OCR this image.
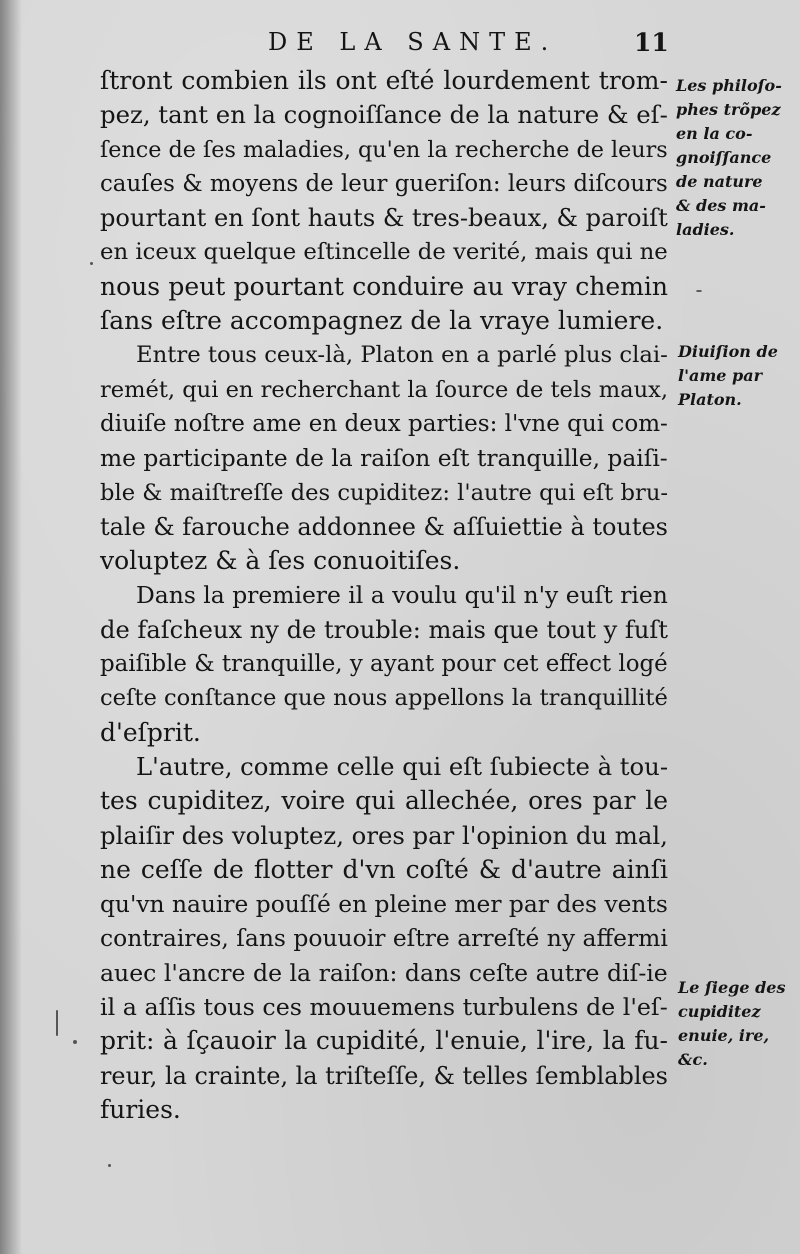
DE LA SANTE.	11
ſtront combien ils ont eſté lourdement trom-
pez, tant en la cognoiſſance de la nature & eſ-
ſence de ſes maladies, qu'en la recherche de leurs
cauſes & moyens de leur gueriſon: leurs diſcours
pourtant en ſont hauts & tres-beaux, & paroiſt
en iceux quelque eſtincelle de verité, mais qui ne
nous peut pourtant conduire au vray chemin
ſans eſtre accompagnez de la vraye lumiere.
Entre tous ceux-là, Platon en a parlé plus clai-
remét, qui en recherchant la ſource de tels maux,
diuiſe noſtre ame en deux parties: l'vne qui com-
me participante de la raiſon eſt tranquille, paiſi-
ble & maiſtreſſe des cupiditez: l'autre qui eſt bru-
tale & farouche addonnee & aſſuiettie à toutes
voluptez & à ſes conuoitiſes.
Dans la premiere il a voulu qu'il n'y euſt rien
de faſcheux ny de trouble: mais que tout y fuſt
paiſible & tranquille, y ayant pour cet effect logé
ceſte conſtance que nous appellons la tranquillité
d'eſprit.
L'autre, comme celle qui eſt ſubiecte à tou-
tes cupiditez, voire qui allechée, ores par le
plaiſir des voluptez, ores par l'opinion du mal,
ne ceſſe de flotter d'vn coſté & d'autre ainſi
qu'vn nauire pouſſé en pleine mer par des vents
contraires, ſans pouuoir eſtre arreſté ny affermi
auec l'ancre de la raiſon: dans ceſte autre diſ-ie
il a aſſis tous ces mouuemens turbulens de l'eſ-
prit: à ſçauoir la cupidité, l'enuie, l'ire, la fu-
reur, la crainte, la triſteſſe, & telles ſemblables
furies.
Les philoſo-
phes trõpez
en la co-
gnoiſſance
de nature
& des ma-
ladies.
Diuiſion de
l'ame par
Platon.
Le ſiege des
cupiditez
enuie, ire,
&c.
